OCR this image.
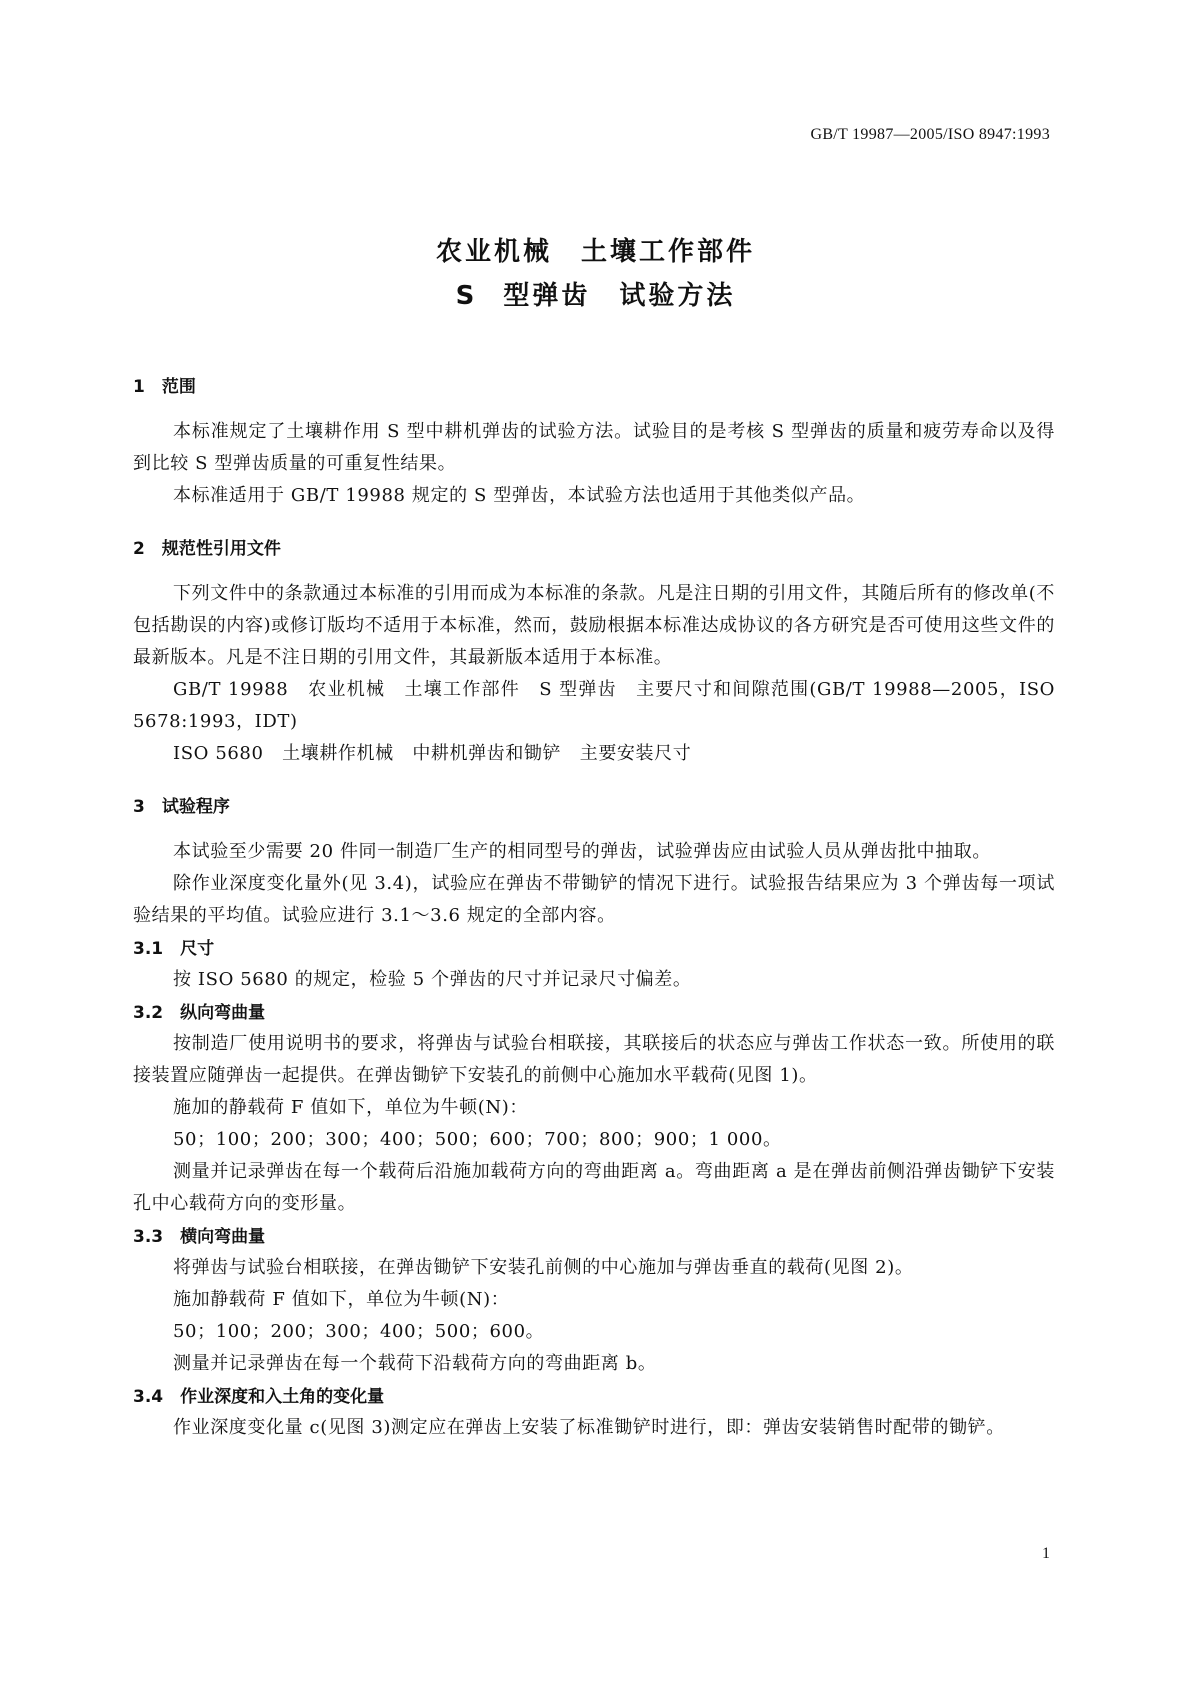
GB/T 19987—2005/ISO 8947:1993
农业机械　土壤工作部件
S 型弹齿　试验方法
1　范围

本标准规定了土壤耕作用 S 型中耕机弹齿的试验方法。试验目的是考核 S 型弹齿的质量和疲劳寿命以及得到比较 S 型弹齿质量的可重复性结果。

本标准适用于 GB/T 19988 规定的 S 型弹齿，本试验方法也适用于其他类似产品。

2　规范性引用文件

下列文件中的条款通过本标准的引用而成为本标准的条款。凡是注日期的引用文件，其随后所有的修改单(不包括勘误的内容)或修订版均不适用于本标准，然而，鼓励根据本标准达成协议的各方研究是否可使用这些文件的最新版本。凡是不注日期的引用文件，其最新版本适用于本标准。

GB/T 19988　农业机械　土壤工作部件　S 型弹齿　主要尺寸和间隙范围(GB/T 19988—2005，ISO 5678:1993，IDT)

ISO 5680　土壤耕作机械　中耕机弹齿和锄铲　主要安装尺寸

3　试验程序

本试验至少需要 20 件同一制造厂生产的相同型号的弹齿，试验弹齿应由试验人员从弹齿批中抽取。

除作业深度变化量外(见 3.4)，试验应在弹齿不带锄铲的情况下进行。试验报告结果应为 3 个弹齿每一项试验结果的平均值。试验应进行 3.1～3.6 规定的全部内容。

3.1　尺寸

按 ISO 5680 的规定，检验 5 个弹齿的尺寸并记录尺寸偏差。

3.2　纵向弯曲量

按制造厂使用说明书的要求，将弹齿与试验台相联接，其联接后的状态应与弹齿工作状态一致。所使用的联接装置应随弹齿一起提供。在弹齿锄铲下安装孔的前侧中心施加水平载荷(见图 1)。

施加的静载荷 F 值如下，单位为牛顿(N)：

50；100；200；300；400；500；600；700；800；900；1 000。

测量并记录弹齿在每一个载荷后沿施加载荷方向的弯曲距离 a。弯曲距离 a 是在弹齿前侧沿弹齿锄铲下安装孔中心载荷方向的变形量。

3.3　横向弯曲量

将弹齿与试验台相联接，在弹齿锄铲下安装孔前侧的中心施加与弹齿垂直的载荷(见图 2)。

施加静载荷 F 值如下，单位为牛顿(N)：

50；100；200；300；400；500；600。

测量并记录弹齿在每一个载荷下沿载荷方向的弯曲距离 b。

3.4　作业深度和入土角的变化量

作业深度变化量 c(见图 3)测定应在弹齿上安装了标准锄铲时进行，即：弹齿安装销售时配带的锄铲。

1
